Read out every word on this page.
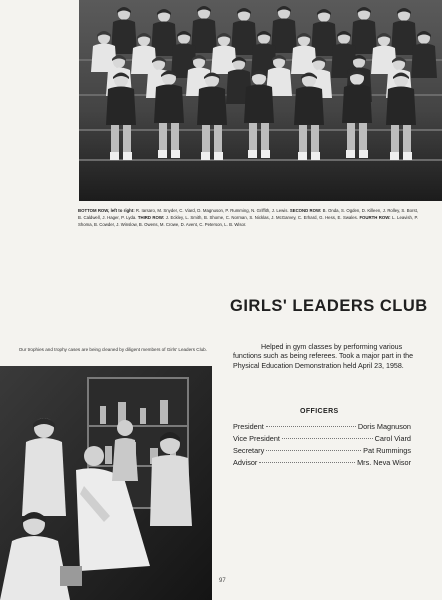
BOTTOM ROW, left to right: R. Iarsaro, M. Snyder, C. Viard, D. Magnuson, P. Rumming, N. Griffith, J. Lewis. SECOND ROW: B. Onda, S. Ogden, D. Killeen, J. Rolley, S. Borst, B. Caldwell, J. Hager, P. Lyda. THIRD ROW: J. Eckley, L. Smith, B. Shome, C. Norman, S. Nicklas, J. McGarvey, C. Erhard, G. Hess, E. Swales. FOURTH ROW: L. Leavish, P. Shoma, B. Cowder, J. Winslow, B. Owens, M. Crowe, D. Avent, C. Peterson, L. B. Wisor.
GIRLS' LEADERS CLUB
Our trophies and trophy cases are being cleaned by diligent members of Girls' Leaders Club.	Helped in gym classes by performing various functions such as being referees. Took a major part in the Physical Education Demonstration held April 23, 1958.
OFFICERS
President	Doris Magnuson
Vice President	Carol Viard
Secretary	Pat Rummings
Advisor	Mrs. Neva Wisor
97
